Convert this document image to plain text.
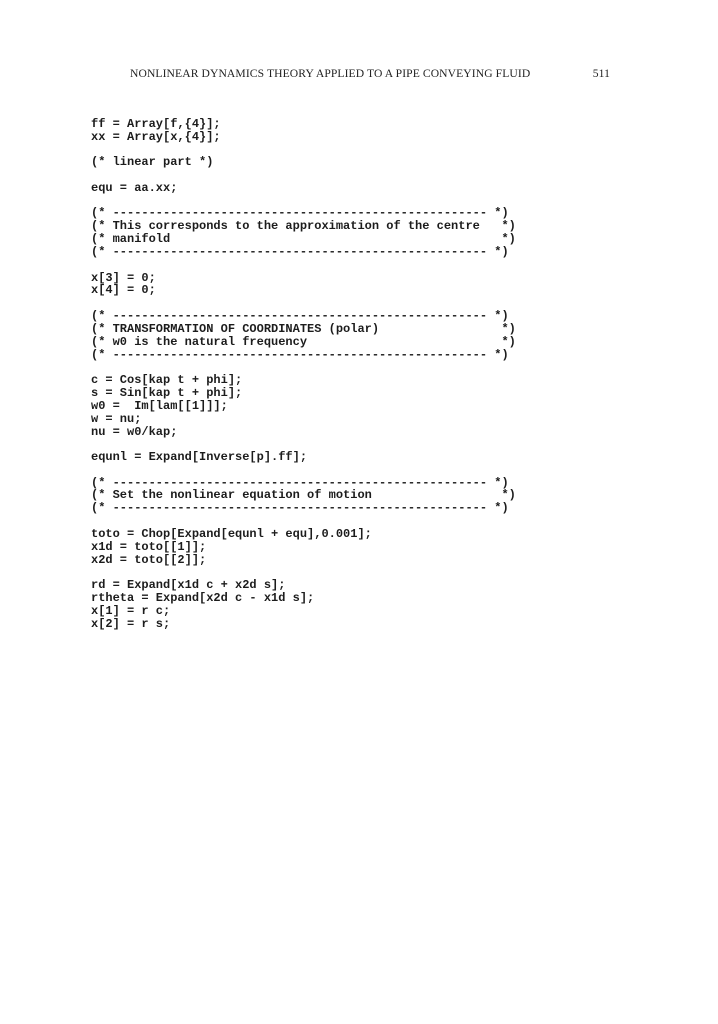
NONLINEAR DYNAMICS THEORY APPLIED TO A PIPE CONVEYING FLUID	511
ff = Array[f,{4}];
xx = Array[x,{4}];
(* linear part *)
equ = aa.xx;
(* ---------------------------------------------------- *)
(* This corresponds to the approximation of the centre   *)
(* manifold                                              *)
(* ---------------------------------------------------- *)
x[3] = 0;
x[4] = 0;
(* ---------------------------------------------------- *)
(* TRANSFORMATION OF COORDINATES (polar)                 *)
(* w0 is the natural frequency                           *)
(* ---------------------------------------------------- *)
c = Cos[kap t + phi];
s = Sin[kap t + phi];
w0 =  Im[lam[[1]]];
w = nu;
nu = w0/kap;
equnl = Expand[Inverse[p].ff];
(* ---------------------------------------------------- *)
(* Set the nonlinear equation of motion                  *)
(* ---------------------------------------------------- *)
toto = Chop[Expand[equnl + equ],0.001];
x1d = toto[[1]];
x2d = toto[[2]];
rd = Expand[x1d c + x2d s];
rtheta = Expand[x2d c - x1d s];
x[1] = r c;
x[2] = r s;
